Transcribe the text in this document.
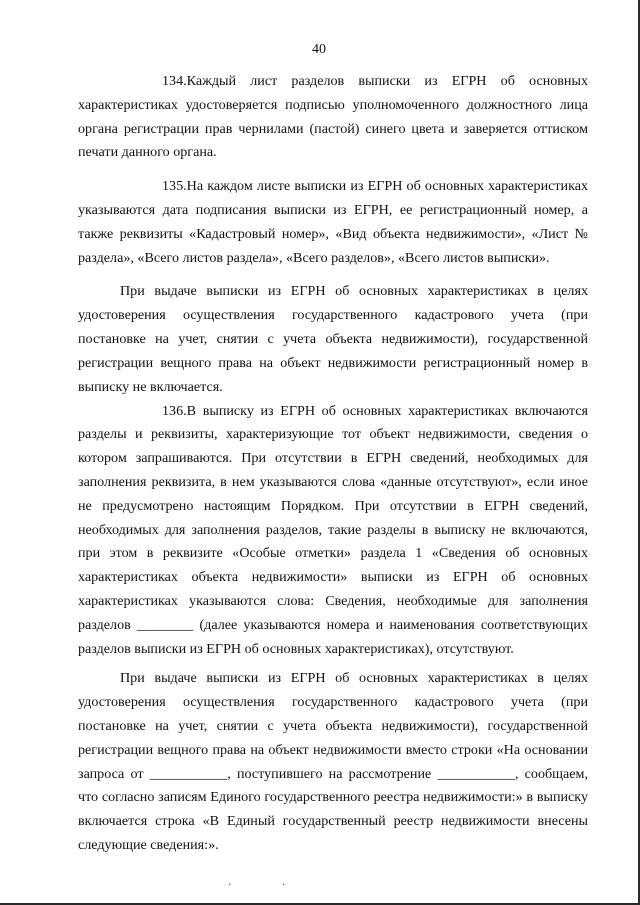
40

134.Каждый лист разделов выписки из ЕГРН об основных характеристиках удостоверяется подписью уполномоченного должностного лица органа регистрации прав чернилами (пастой) синего цвета и заверяется оттиском печати данного органа.

135.На каждом листе выписки из ЕГРН об основных характеристиках указываются дата подписания выписки из ЕГРН, ее регистрационный номер, а также реквизиты «Кадастровый номер», «Вид объекта недвижимости», «Лист № раздела», «Всего листов раздела», «Всего разделов», «Всего листов выписки».

При выдаче выписки из ЕГРН об основных характеристиках в целях удостоверения осуществления государственного кадастрового учета (при постановке на учет, снятии с учета объекта недвижимости), государственной регистрации вещного права на объект недвижимости регистрационный номер в выписку не включается.

136.В выписку из ЕГРН об основных характеристиках включаются разделы и реквизиты, характеризующие тот объект недвижимости, сведения о котором запрашиваются. При отсутствии в ЕГРН сведений, необходимых для заполнения реквизита, в нем указываются слова «данные отсутствуют», если иное не предусмотрено настоящим Порядком. При отсутствии в ЕГРН сведений, необходимых для заполнения разделов, такие разделы в выписку не включаются, при этом в реквизите «Особые отметки» раздела 1 «Сведения об основных характеристиках объекта недвижимости» выписки из ЕГРН об основных характеристиках указываются слова: Сведения, необходимые для заполнения разделов ________ (далее указываются номера и наименования соответствующих разделов выписки из ЕГРН об основных характеристиках), отсутствуют.

При выдаче выписки из ЕГРН об основных характеристиках в целях удостоверения осуществления государственного кадастрового учета (при постановке на учет, снятии с учета объекта недвижимости), государственной регистрации вещного права на объект недвижимости вместо строки «На основании запроса от ___________, поступившего на рассмотрение ___________, сообщаем, что согласно записям Единого государственного реестра недвижимости:» в выписку включается строка «В Единый государственный реестр недвижимости внесены следующие сведения:».

· ·
